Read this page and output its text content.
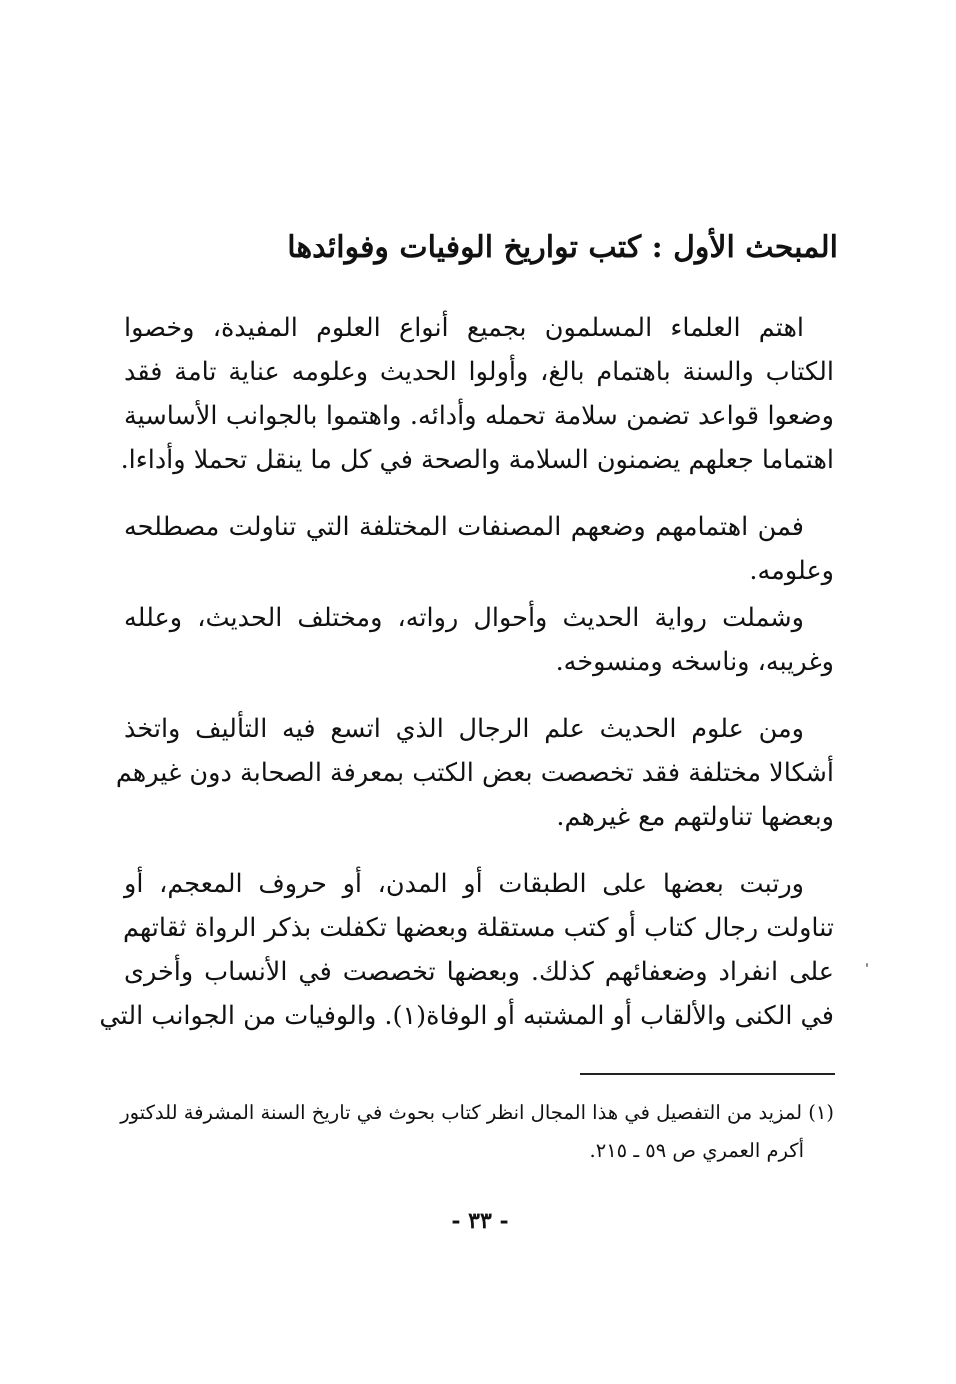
المبحث الأول : كتب تواريخ الوفيات وفوائدها
اهتم العلماء المسلمون بجميع أنواع العلوم المفيدة، وخصوا
الكتاب والسنة باهتمام بالغ، وأولوا الحديث وعلومه عناية تامة فقد
وضعوا قواعد تضمن سلامة تحمله وأدائه. واهتموا بالجوانب الأساسية
اهتماما جعلهم يضمنون السلامة والصحة في كل ما ينقل تحملا وأداءا.
فمن اهتمامهم وضعهم المصنفات المختلفة التي تناولت مصطلحه
وعلومه.
وشملت رواية الحديث وأحوال رواته، ومختلف الحديث، وعلله
وغريبه، وناسخه ومنسوخه.
ومن علوم الحديث علم الرجال الذي اتسع فيه التأليف واتخذ
أشكالا مختلفة فقد تخصصت بعض الكتب بمعرفة الصحابة دون غيرهم
وبعضها تناولتهم مع غيرهم.
ورتبت بعضها على الطبقات أو المدن، أو حروف المعجم، أو
تناولت رجال كتاب أو كتب مستقلة وبعضها تكفلت بذكر الرواة ثقاتهم
على انفراد وضعفائهم كذلك. وبعضها تخصصت في الأنساب وأخرى
في الكنى والألقاب أو المشتبه أو الوفاة(١). والوفيات من الجوانب التي
(١) لمزيد من التفصيل في هذا المجال انظر كتاب بحوث في تاريخ السنة المشرفة للدكتور
أكرم العمري ص ٥٩ ـ ٢١٥.
- ٣٣ -
